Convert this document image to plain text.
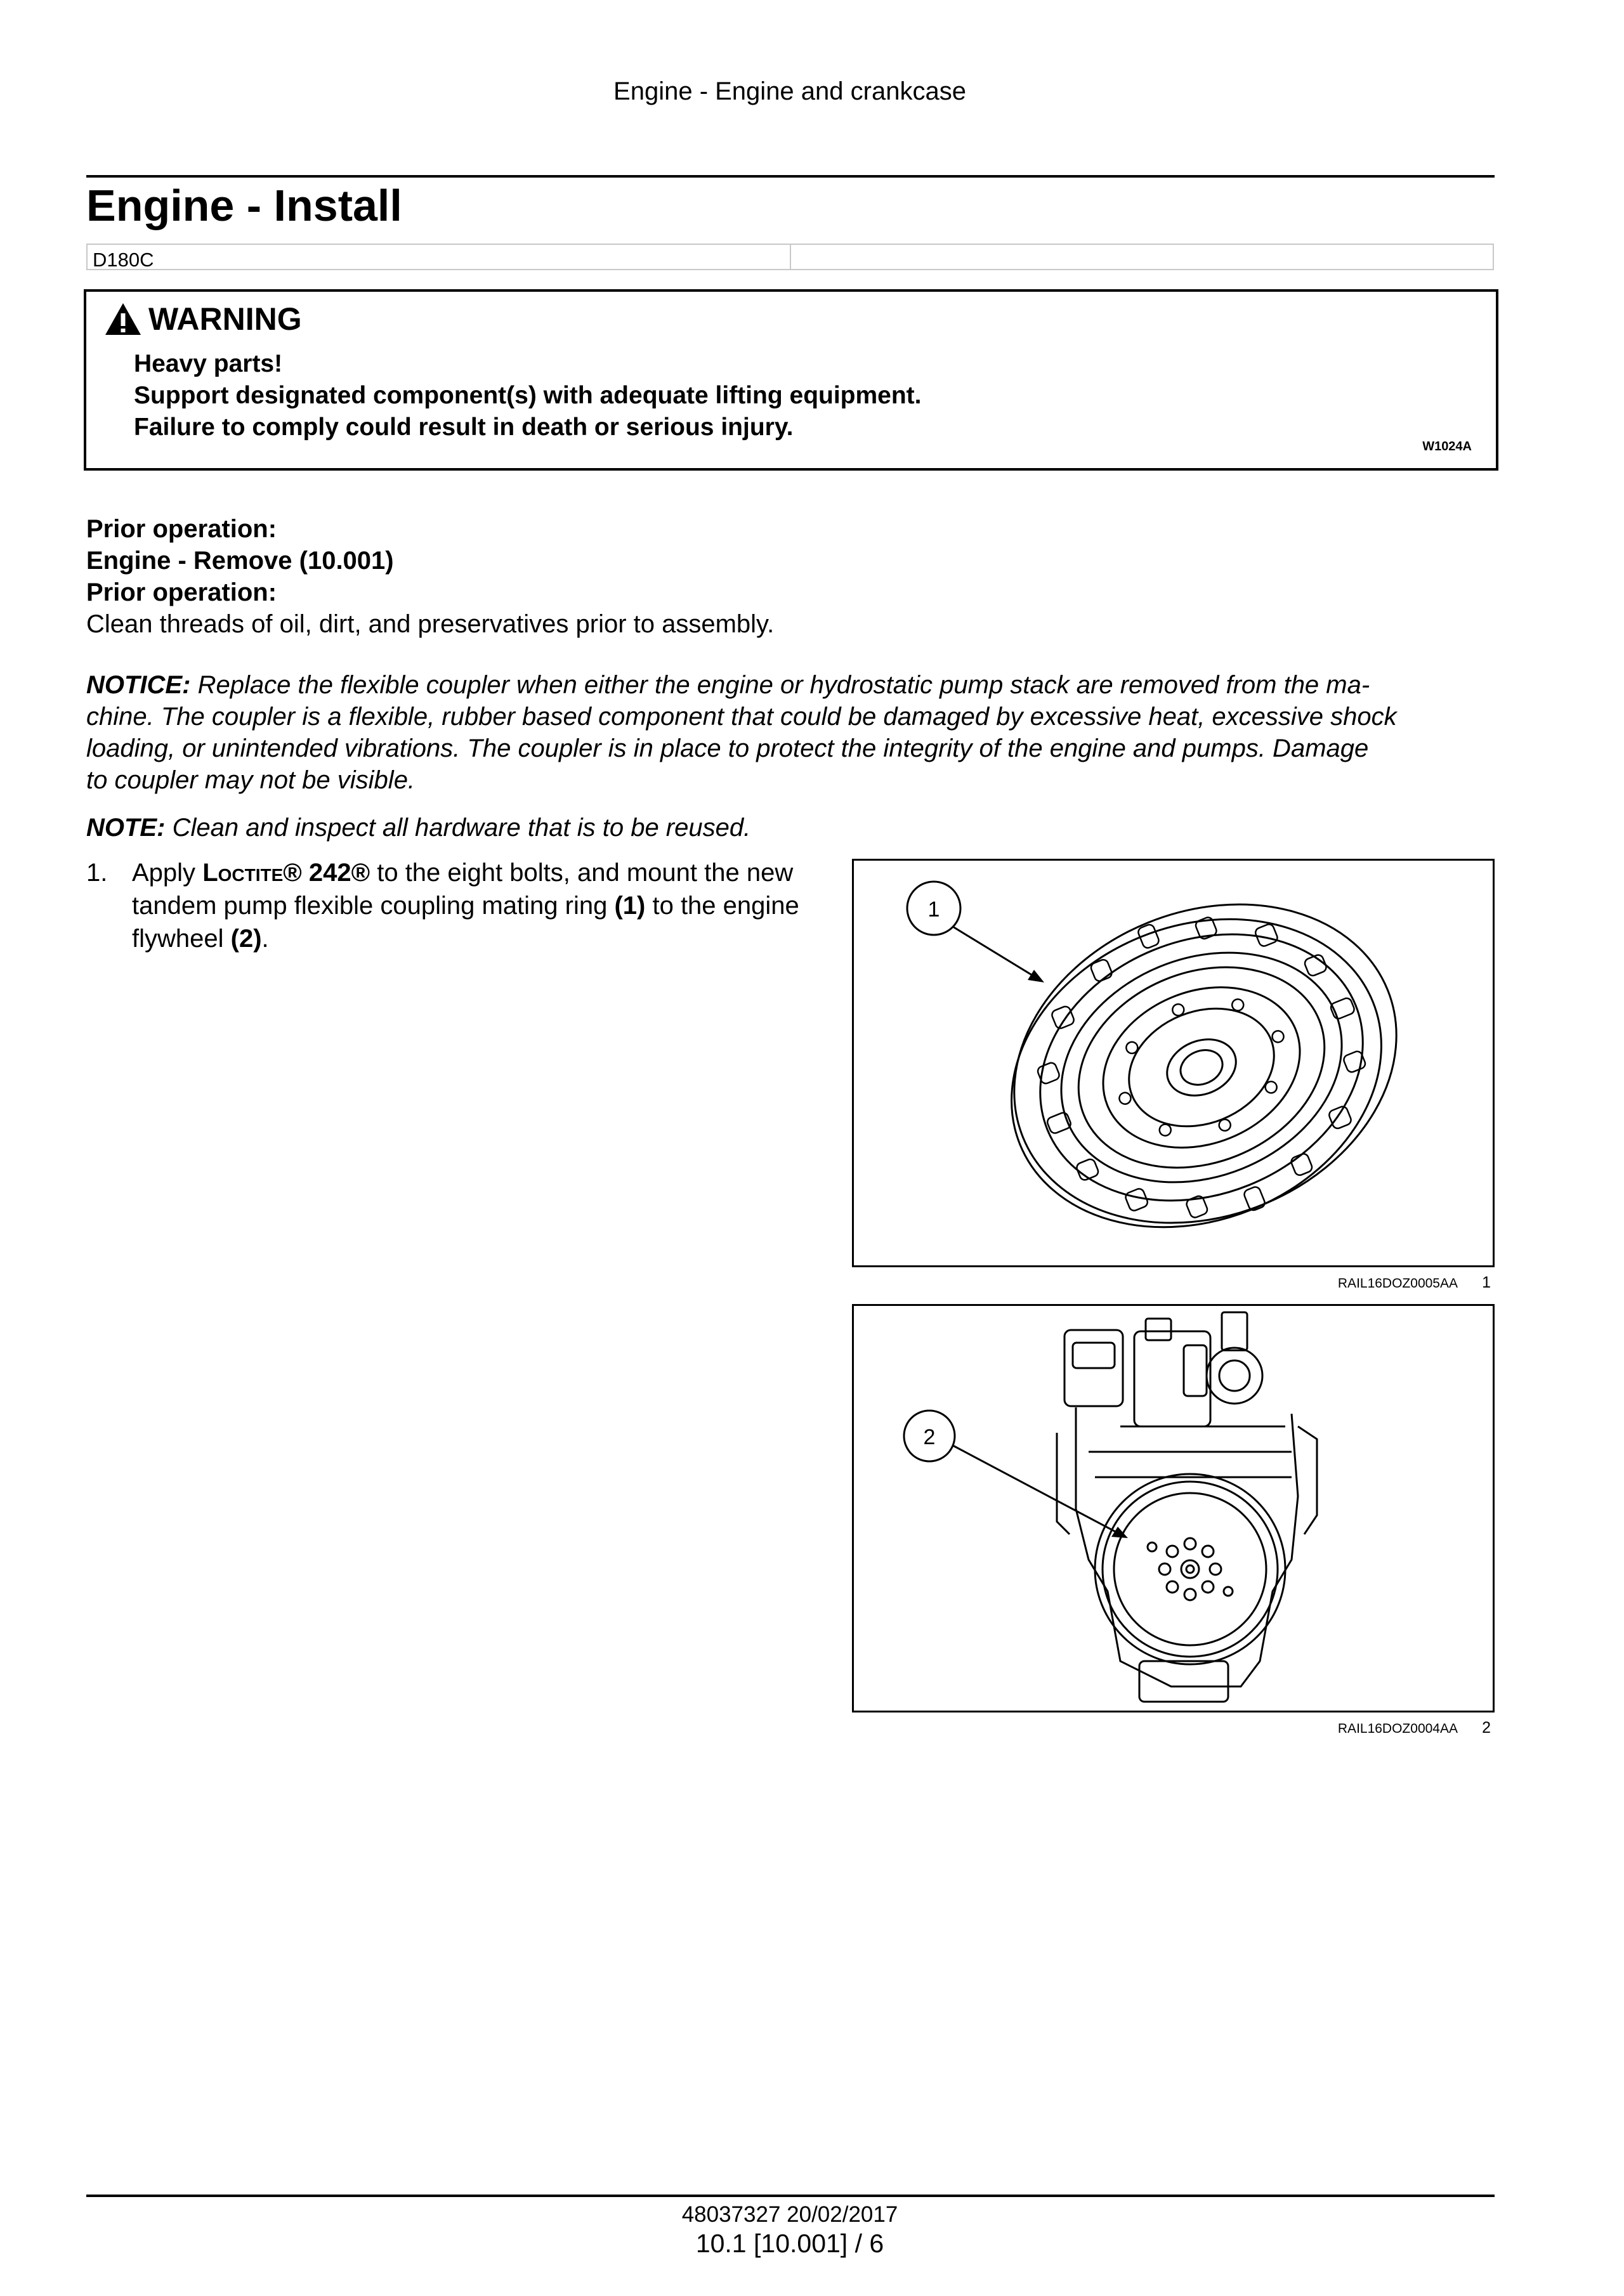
Engine - Engine and crankcase
Engine - Install
D180C
WARNING
Heavy parts!
Support designated component(s) with adequate lifting equipment.
Failure to comply could result in death or serious injury.
W1024A
Prior operation:
Engine - Remove (10.001)
Prior operation:
Clean threads of oil, dirt, and preservatives prior to assembly.
NOTICE: Replace the flexible coupler when either the engine or hydrostatic pump stack are removed from the ma-
chine. The coupler is a flexible, rubber based component that could be damaged by excessive heat, excessive shock
loading, or unintended vibrations. The coupler is in place to protect the integrity of the engine and pumps. Damage
to coupler may not be visible.
NOTE: Clean and inspect all hardware that is to be reused.
1. Apply Loctite® 242® to the eight bolts, and mount the new tandem pump flexible coupling mating ring (1) to the engine flywheel (2).
1
RAIL16DOZ0005AA 1
2
RAIL16DOZ0004AA 2
48037327 20/02/2017
10.1 [10.001] / 6
